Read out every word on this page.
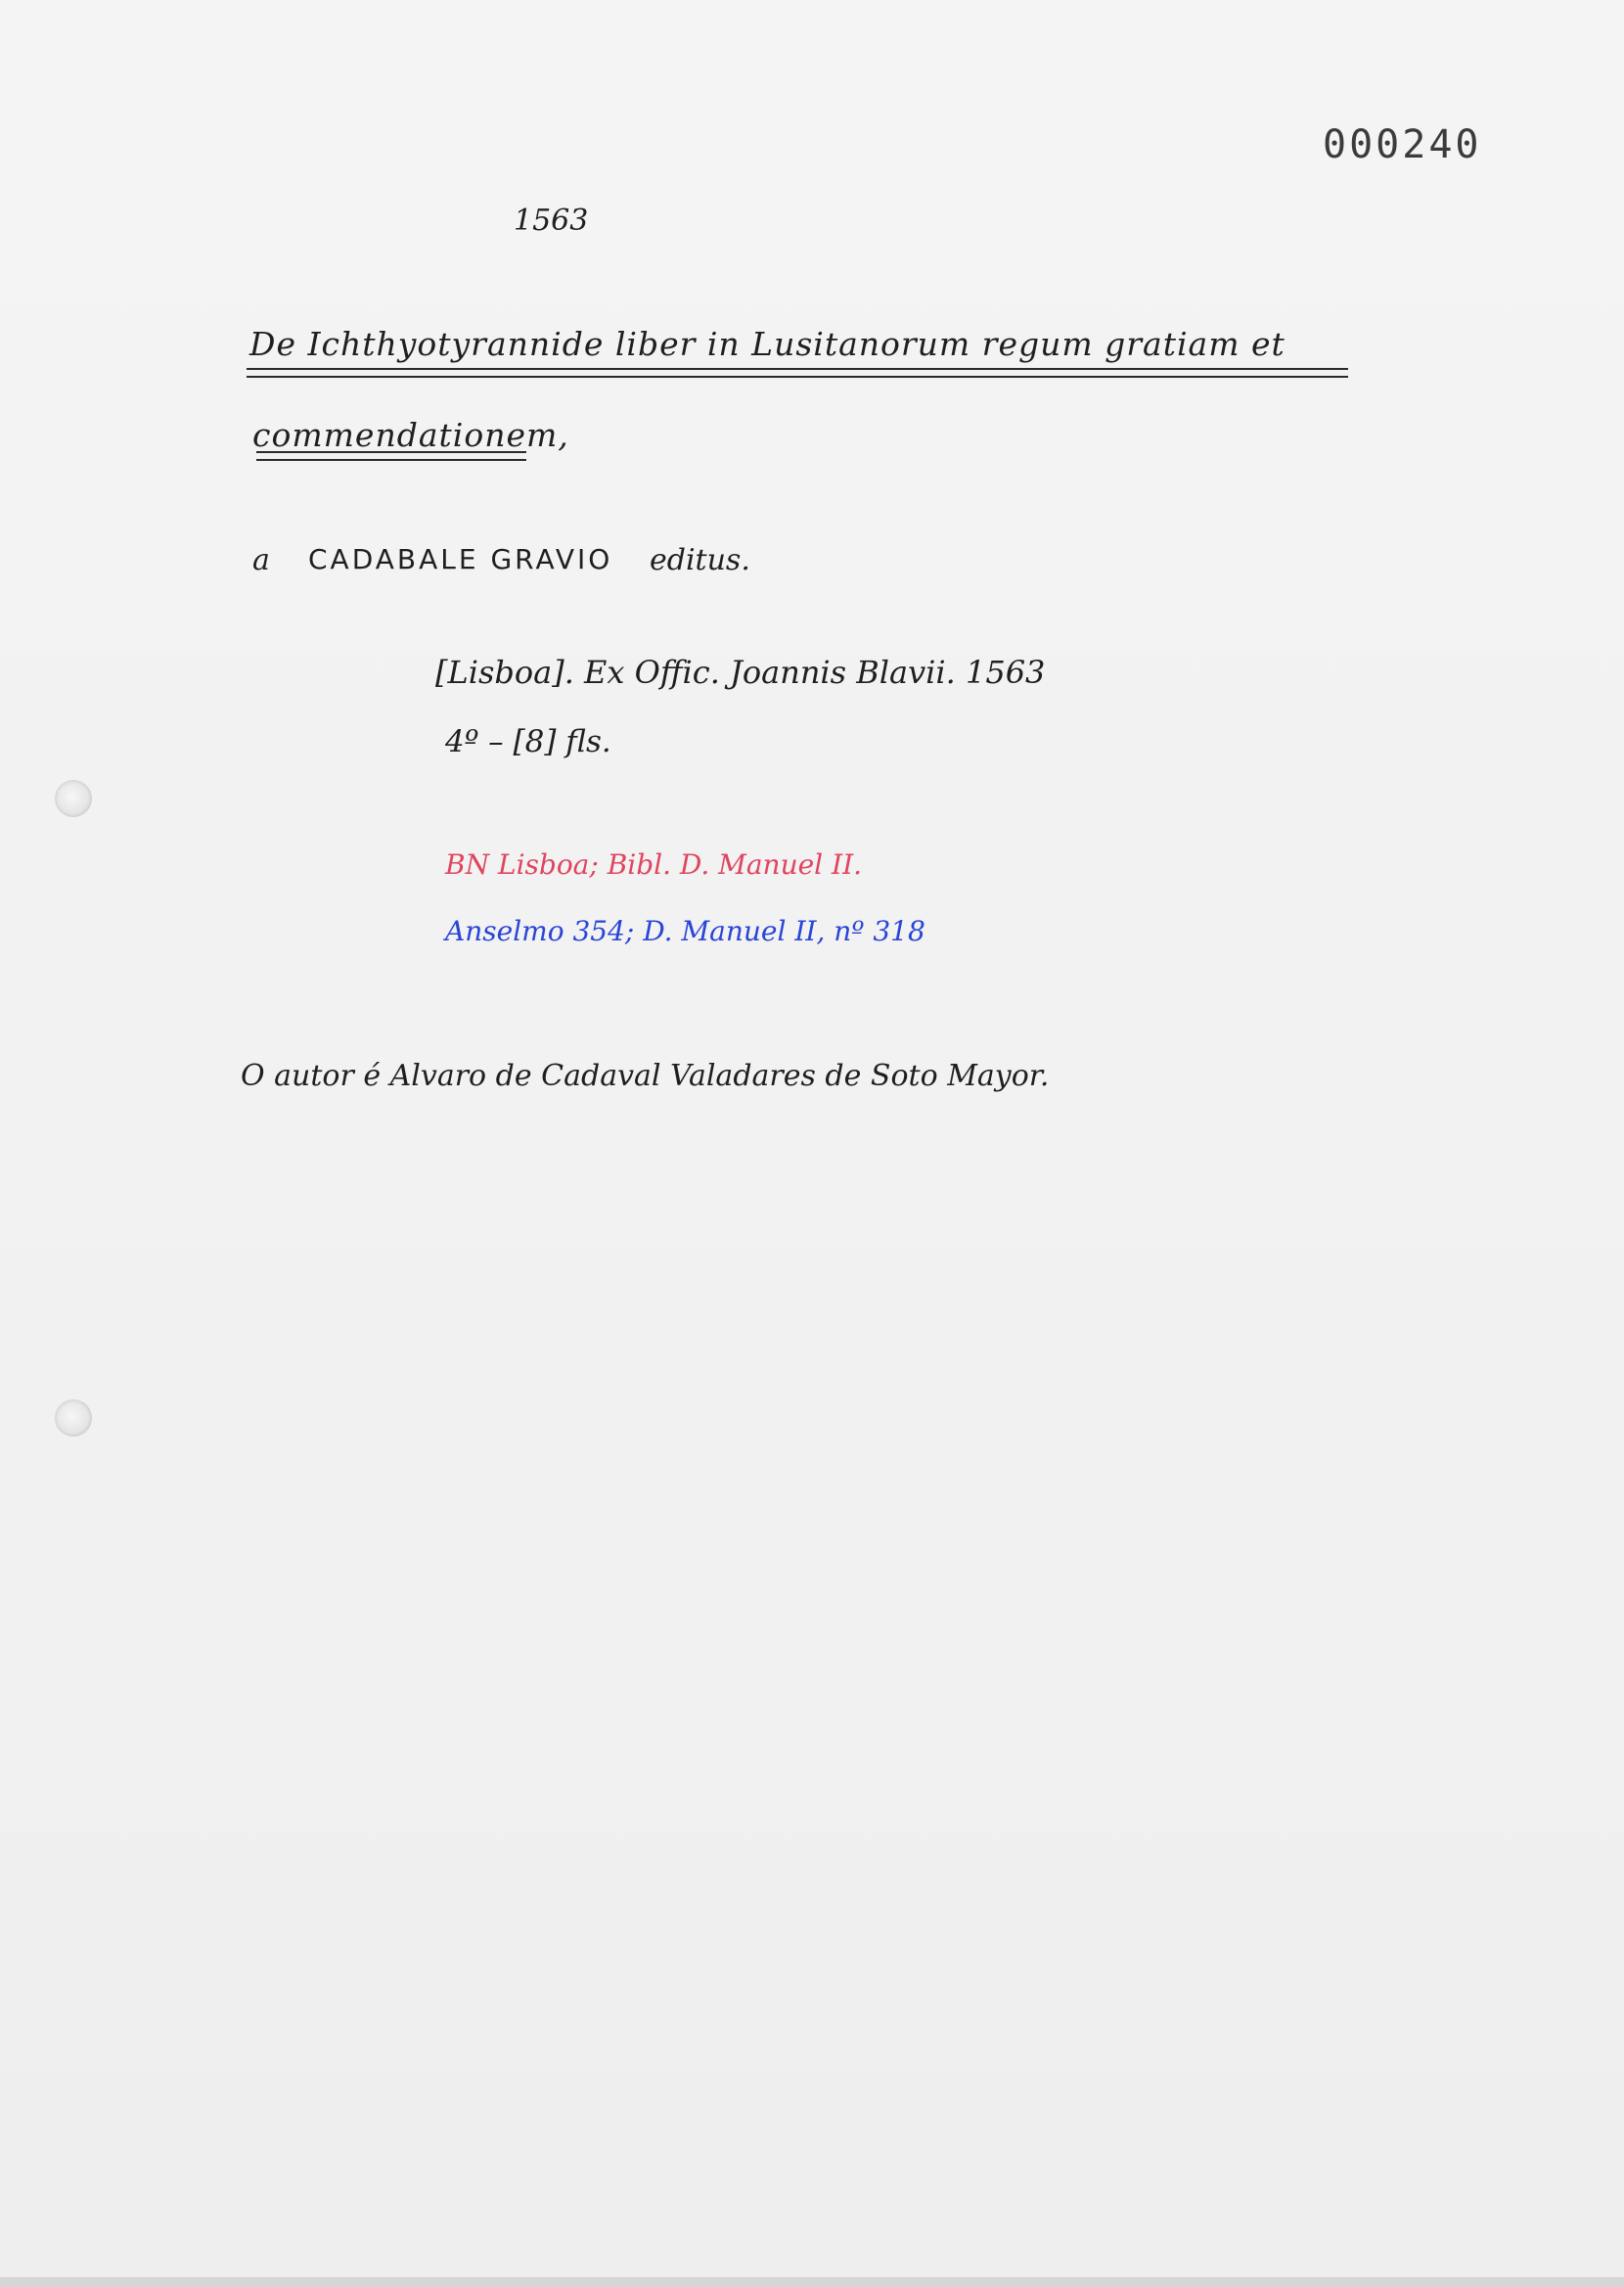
000240
1563
De Ichthyotyrannide liber in Lusitanorum regum gratiam et
commendationem,
a CADABALE GRAVIO editus.
[Lisboa]. Ex Offic. Joannis Blavii. 1563
4º – [8] fls.
BN Lisboa; Bibl. D. Manuel II.
Anselmo 354; D. Manuel II, nº 318
O autor é Alvaro de Cadaval Valadares de Soto Mayor.
